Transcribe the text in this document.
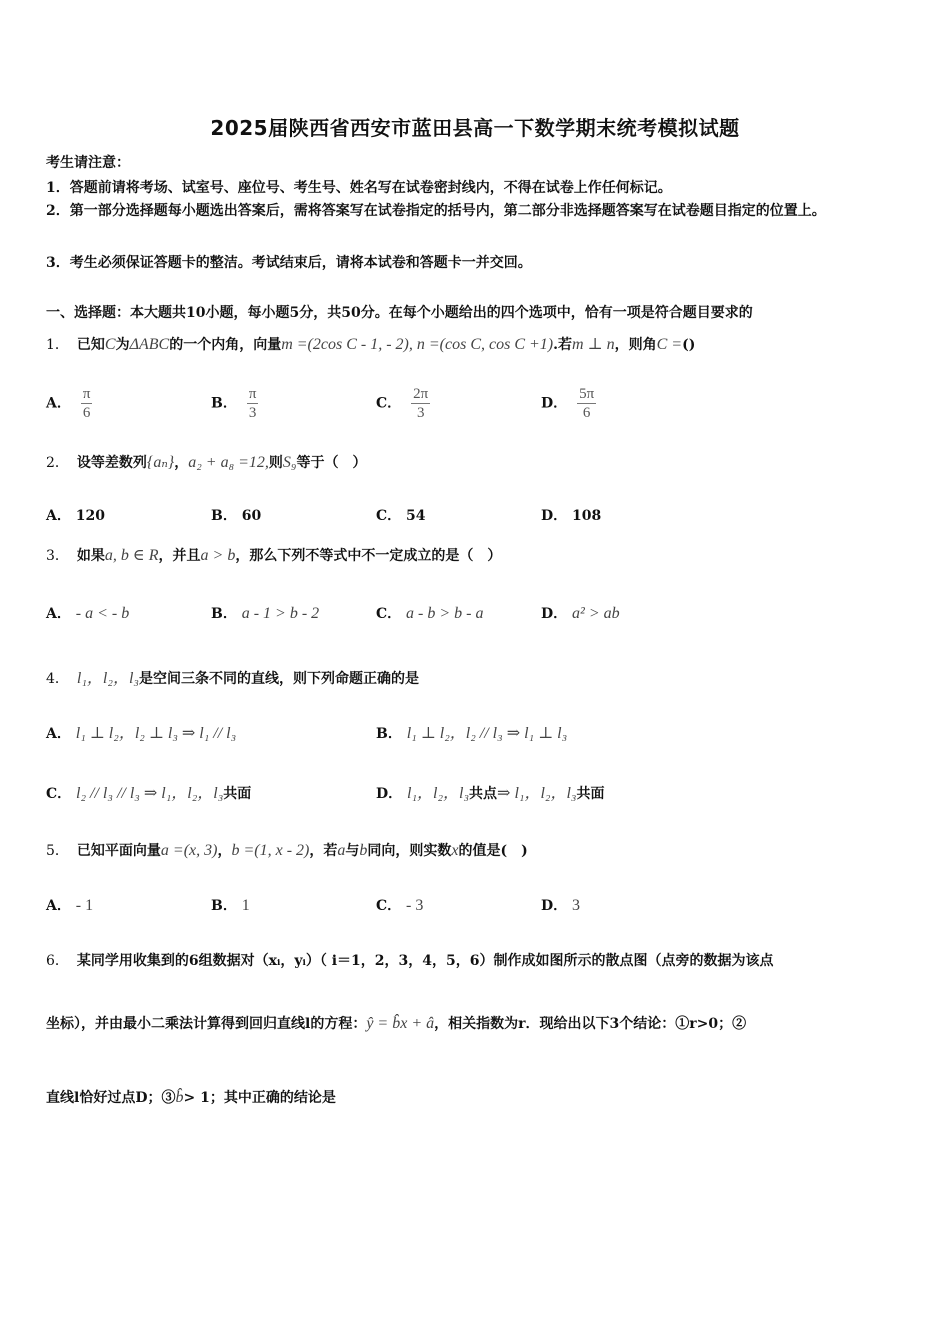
2025届陕西省西安市蓝田县高一下数学期末统考模拟试题
考生请注意：
1．答题前请将考场、试室号、座位号、考生号、姓名写在试卷密封线内，不得在试卷上作任何标记。
2．第一部分选择题每小题选出答案后，需将答案写在试卷指定的括号内，第二部分非选择题答案写在试卷题目指定的位置上。
3．考生必须保证答题卡的整洁。考试结束后，请将本试卷和答题卡一并交回。
一、选择题：本大题共10小题，每小题5分，共50分。在每个小题给出的四个选项中，恰有一项是符合题目要求的
1． 已知C为ΔABC的一个内角，向量m =(2cos C - 1, - 2), n =(cos C, cos C +1).若m ⊥ n，则角C =()
A． $\frac{\pi}{6}$	B． $\frac{\pi}{3}$	C． $\frac{2\pi}{3}$	D． $\frac{5\pi}{6}$
2． 设等差数列{aₙ}，a₂ + a₈ =12,则S₉等于（　）
A． 120	B． 60	C． 54	D． 108
3． 如果a, b ∈ R，并且a > b，那么下列不等式中不一定成立的是（　）
A． - a < - b	B． a - 1 > b - 2	C． a - b > b - a	D． a² > ab
4． l₁，l₂，l₃是空间三条不同的直线，则下列命题正确的是
A． l₁ ⊥ l₂，l₂ ⊥ l₃ ⇒ l₁ // l₃	B． l₁ ⊥ l₂，l₂ // l₃ ⇒ l₁ ⊥ l₃
C． l₂ // l₃ // l₃ ⇒ l₁，l₂，l₃共面	D． l₁，l₂，l₃共点⇒ l₁，l₂，l₃共面
5． 已知平面向量a =(x, 3)，b =(1, x - 2)，若a与b同向，则实数x的值是(　)
A． - 1	B． 1	C． - 3	D． 3
6． 某同学用收集到的6组数据对（xᵢ，yᵢ）（ i＝1，2，3，4，5，6）制作成如图所示的散点图（点旁的数据为该点
坐标），并由最小二乘法计算得到回归直线l的方程：ŷ = b̂x + â，相关指数为r．现给出以下3个结论：①r>0；②
直线l恰好过点D；③b̂> 1；其中正确的结论是
